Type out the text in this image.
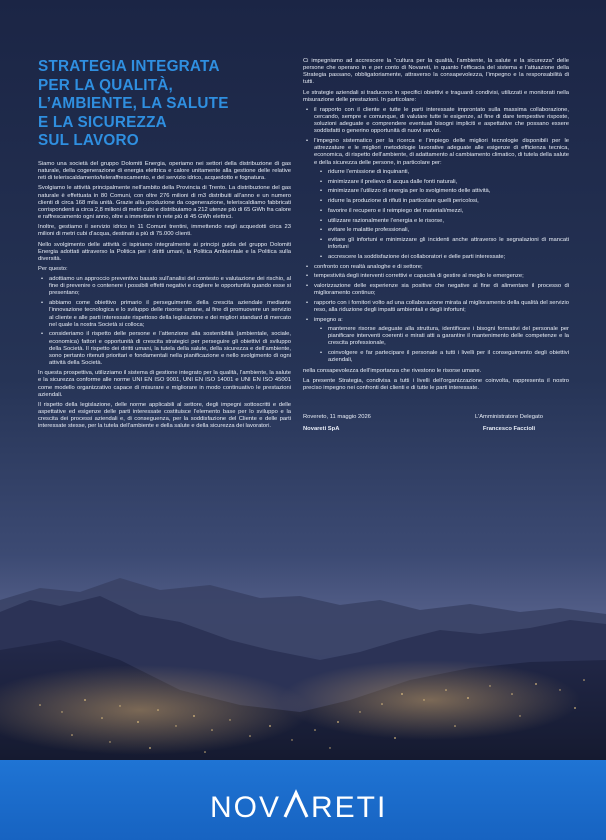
STRATEGIA INTEGRATA
PER LA QUALITÀ,
L’AMBIENTE, LA SALUTE
E LA SICUREZZA
SUL LAVORO

Siamo una società del gruppo Dolomiti Energia, operiamo nei settori della distribuzione di gas naturale, della cogenerazione di energia elettrica e calore unitamente alla gestione delle relative reti di teleriscaldamento/teleraffrescamento, e del servizio idrico, acquedotto e fognatura.

Svolgiamo le attività principalmente nell’ambito della Provincia di Trento. La distribuzione del gas naturale è effettuata in 80 Comuni, con oltre 276 milioni di m3 distribuiti all’anno e un numero clienti di circa 168 mila unità. Grazie alla produzione da cogenerazione, teleriscaldiamo fabbricati corrispondenti a circa 2,8 milioni di metri cubi e distribuiamo a 212 utenze più di 65 GWh fra calore e raffrescamento ogni anno, oltre a immettere in rete più di 45 GWh elettrici.

Inoltre, gestiamo il servizio idrico in 11 Comuni trentini, immettendo negli acquedotti circa 23 milioni di metri cubi d’acqua, destinati a più di 75.000 clienti.

Nello svolgimento delle attività ci ispiriamo integralmente ai principi guida del gruppo Dolomiti Energia adottati attraverso la Politica per i diritti umani, la Politica Ambientale e la Politica sulla diversità.

Per questo:

• adottiamo un approccio preventivo basato sull’analisi del contesto e valutazione dei rischio, al fine di prevenire o contenere i possibili effetti negativi e cogliere le opportunità quando esse si presentano;
• abbiamo come obiettivo primario il perseguimento della crescita aziendale mediante l’innovazione tecnologica e lo sviluppo delle risorse umane, al fine di promuovere un servizio al cliente e alle parti interessate rispettoso della legislazione e dei migliori standard di mercato nel quale la nostra Società si colloca;
• consideriamo il rispetto delle persone e l’attenzione alla sostenibilità (ambientale, sociale, economica) fattori e opportunità di crescita strategici per perseguire gli obiettivi di sviluppo della Società. Il rispetto dei diritti umani, la tutela della salute, della sicurezza e dell’ambiente, sono pertanto ritenuti prioritari e fondamentali nella pianificazione e nello svolgimento di ogni attività della Società.

In questa prospettiva, utilizziamo il sistema di gestione integrato per la qualità, l’ambiente, la salute e la sicurezza conforme alle norme UNI EN ISO 9001, UNI EN ISO 14001 e UNI EN ISO 45001 come modello organizzativo capace di misurare e migliorare in modo continuativo le prestazioni aziendali.

Il rispetto della legislazione, delle norme applicabili al settore, degli impegni sottoscritti e delle aspettative ed esigenze delle parti interessate costituisce l’elemento base per lo sviluppo e la crescita dei processi aziendali e, di conseguenza, per la soddisfazione del Cliente e delle parti interessate stesse, per la tutela dell’ambiente e della salute e della sicurezza dei lavoratori.

Ci impegniamo ad accrescere la “cultura per la qualità, l’ambiente, la salute e la sicurezza” delle persone che operano in e per conto di Novareti, in quanto l’efficacia del sistema e l’attuazione della Strategia passano, obbligatoriamente, attraverso la consapevolezza, l’impegno e la responsabilità di tutti.

Le strategie aziendali si traducono in specifici obiettivi e traguardi condivisi, utilizzati e monitorati nella misurazione delle prestazioni. In particolare:

• il rapporto con il cliente e tutte le parti interessate improntato sulla massima collaborazione, cercando, sempre e comunque, di valutare tutte le esigenze, al fine di dare tempestive risposte, soluzioni adeguate e comprendere eventuali bisogni impliciti e aspettative che possano essere soddisfatti o generino opportunità di nuovi servizi.
• l’impegno sistematico per la ricerca e l’impiego delle migliori tecnologie disponibili per le attrezzature e le migliori metodologie lavorative adeguate alle esigenze di efficienza tecnica, economica, di rispetto dell’ambiente, di adattamento al cambiamento climatico, di tutela della salute e della sicurezza delle persone, in particolare per:
• ridurre l’emissione di inquinanti,
• minimizzare il prelievo di acqua dalle fonti naturali,
• minimizzare l’utilizzo di energia per lo svolgimento delle attività,
• ridurre la produzione di rifiuti in particolare quelli pericolosi,
• favorire il recupero e il reimpiego dei materiali/mezzi,
• utilizzare razionalmente l’energia e le risorse,
• evitare le malattie professionali,
• evitare gli infortuni e minimizzare gli incidenti anche attraverso le segnalazioni di mancati infortuni
• accrescere la soddisfazione dei collaboratori e delle parti interessate;
• confronto con realtà analoghe e di settore;
• tempestività degli interventi correttivi e capacità di gestire al meglio le emergenze;
• valorizzazione delle esperienze sia positive che negative al fine di alimentare il processo di miglioramento continuo;
• rapporto con i fornitori volto ad una collaborazione mirata al miglioramento della qualità del servizio reso, alla riduzione degli impatti ambientali e degli infortuni;
• impegno a:
• mantenere risorse adeguate alla struttura, identificare i bisogni formativi del personale per pianificare interventi coerenti e mirati atti a garantire il mantenimento delle competenze e la crescita professionale,
• coinvolgere e far partecipare il personale a tutti i livelli per il conseguimento degli obiettivi aziendali,

nella consapevolezza dell’importanza che rivestono le risorse umane.

La presente Strategia, condivisa a tutti i livelli dell’organizzazione coinvolta, rappresenta il nostro preciso impegno nei confronti dei clienti e di tutte le parti interessate.

Rovereto, 11 maggio 2026
Novareti SpA
L’Amministratore Delegato
Francesco Faccioli
NOV RETI
